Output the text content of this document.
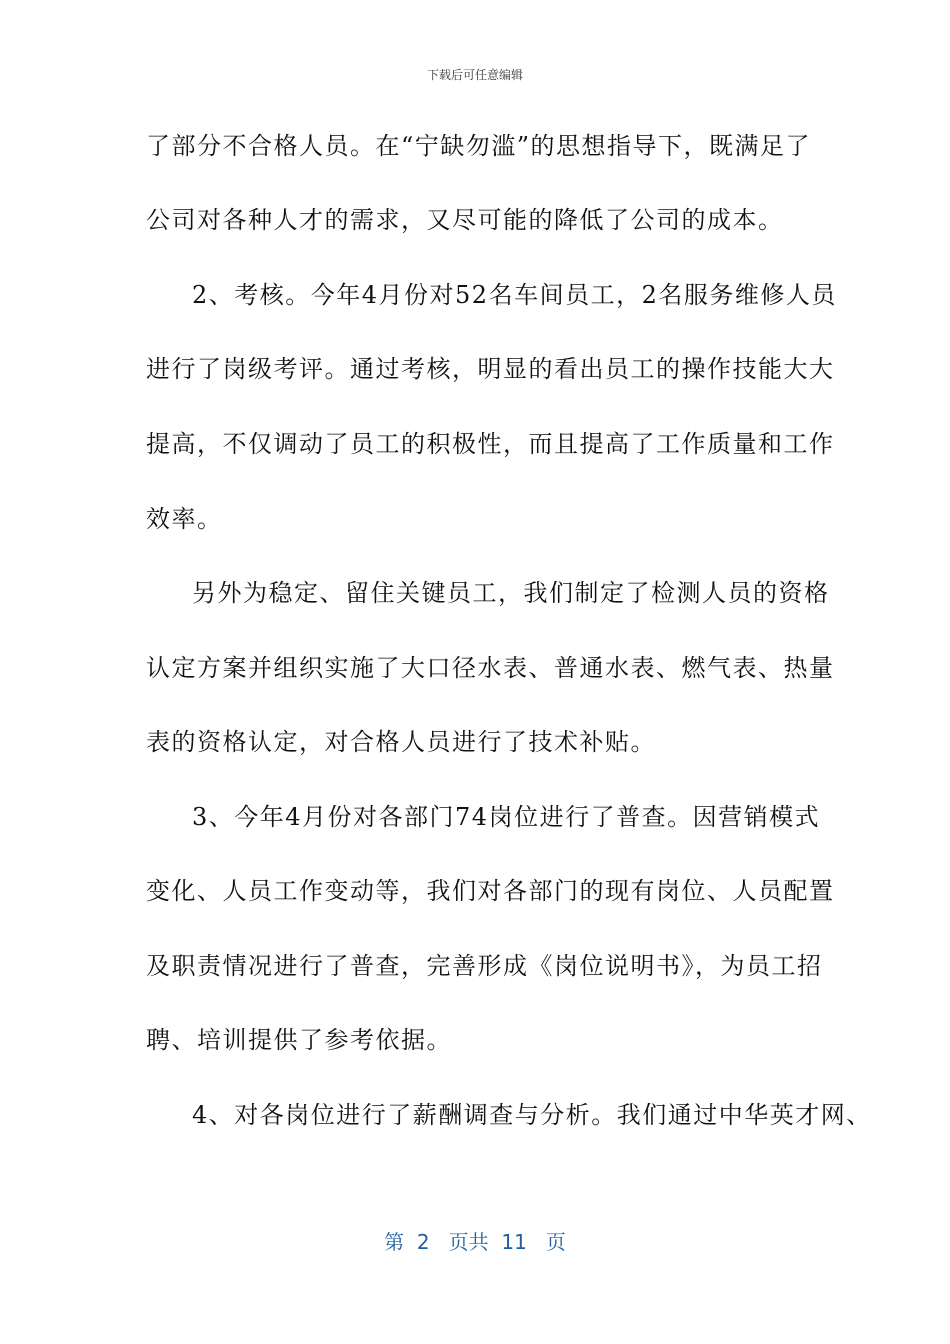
下载后可任意编辑
了部分不合格人员。在“宁缺勿滥”的思想指导下，既满足了
公司对各种人才的需求，又尽可能的降低了公司的成本。
2、考核。今年4月份对52名车间员工，2名服务维修人员
进行了岗级考评。通过考核，明显的看出员工的操作技能大大
提高，不仅调动了员工的积极性，而且提高了工作质量和工作
效率。
另外为稳定、留住关键员工，我们制定了检测人员的资格
认定方案并组织实施了大口径水表、普通水表、燃气表、热量
表的资格认定，对合格人员进行了技术补贴。
3、今年4月份对各部门74岗位进行了普查。因营销模式
变化、人员工作变动等，我们对各部门的现有岗位、人员配置
及职责情况进行了普查，完善形成《岗位说明书》，为员工招
聘、培训提供了参考依据。
4、对各岗位进行了薪酬调查与分析。我们通过中华英才网、
第  2   页共  11   页
